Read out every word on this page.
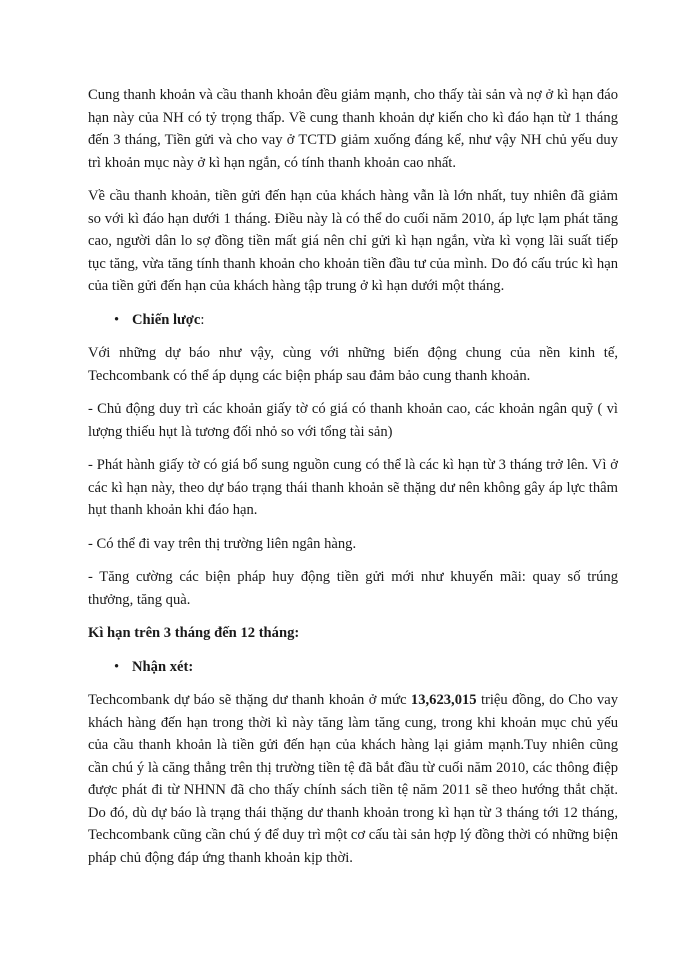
Cung thanh khoản và cầu thanh khoản đều giảm mạnh, cho thấy tài sản và nợ ở kì hạn đáo hạn này của NH có tỷ trọng thấp. Về cung thanh khoản dự kiến cho kì đáo hạn từ 1 tháng đến 3 tháng, Tiền gửi và cho vay ở TCTD giảm xuống đáng kể, như vậy NH chủ yếu duy trì khoản mục này ở kì hạn ngắn, có tính thanh khoản cao nhất.

Về cầu thanh khoản, tiền gửi đến hạn của khách hàng vẫn là lớn nhất, tuy nhiên đã giảm so với kì đáo hạn dưới 1 tháng. Điều này là có thể do cuối năm 2010, áp lực lạm phát tăng cao, người dân lo sợ đồng tiền mất giá nên chỉ gửi kì hạn ngắn, vừa kì vọng lãi suất tiếp tục tăng, vừa tăng tính thanh khoản cho khoản tiền đầu tư của mình. Do đó cấu trúc kì hạn của tiền gửi đến hạn của khách hàng tập trung ở kì hạn dưới một tháng.

• Chiến lược:

Với những dự báo như vậy, cùng với những biến động chung của nền kinh tế, Techcombank có thể áp dụng các biện pháp sau đảm bảo cung thanh khoản.

- Chủ động duy trì các khoản giấy tờ có giá có thanh khoản cao, các khoản ngân quỹ ( vì lượng thiếu hụt là tương đối nhỏ so với tổng tài sản)

- Phát hành giấy tờ có giá bổ sung nguồn cung có thể là các kì hạn từ 3 tháng trở lên. Vì ở các kì hạn này, theo dự báo trạng thái thanh khoản sẽ thặng dư nên không gây áp lực thâm hụt thanh khoản khi đáo hạn.

- Có thể đi vay trên thị trường liên ngân hàng.

- Tăng cường các biện pháp huy động tiền gửi mới như khuyến mãi: quay số trúng thưởng, tăng quà.

Kì hạn trên 3 tháng đến 12 tháng:

• Nhận xét:

Techcombank dự báo sẽ thặng dư thanh khoản ở mức 13,623,015 triệu đồng, do Cho vay khách hàng đến hạn trong thời kì này tăng làm tăng cung, trong khi khoản mục chủ yếu của cầu thanh khoản là tiền gửi đến hạn của khách hàng lại giảm mạnh.Tuy nhiên cũng cần chú ý là căng thẳng trên thị trường tiền tệ đã bắt đầu từ cuối năm 2010, các thông điệp được phát đi từ NHNN đã cho thấy chính sách tiền tệ năm 2011 sẽ theo hướng thắt chặt. Do đó, dù dự báo là trạng thái thặng dư thanh khoản trong kì hạn từ 3 tháng tới 12 tháng, Techcombank cũng cần chú ý để duy trì một cơ cấu tài sản hợp lý đồng thời có những biện pháp chủ động đáp ứng thanh khoản kịp thời.
